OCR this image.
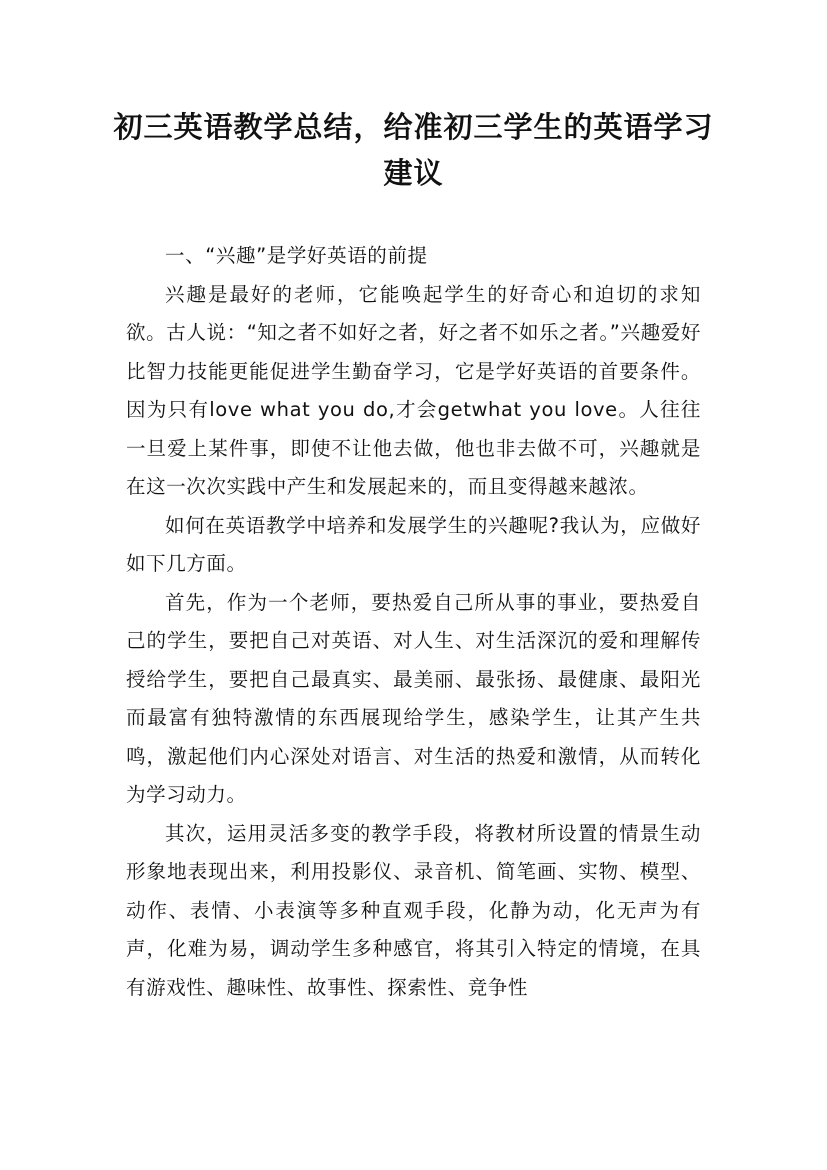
初三英语教学总结，给准初三学生的英语学习建议

一、“兴趣”是学好英语的前提

兴趣是最好的老师，它能唤起学生的好奇心和迫切的求知欲。古人说：“知之者不如好之者，好之者不如乐之者。”兴趣爱好比智力技能更能促进学生勤奋学习，它是学好英语的首要条件。因为只有love what you do,才会getwhat you love。人往往一旦爱上某件事，即使不让他去做，他也非去做不可，兴趣就是在这一次次实践中产生和发展起来的，而且变得越来越浓。

如何在英语教学中培养和发展学生的兴趣呢?我认为，应做好如下几方面。

首先，作为一个老师，要热爱自己所从事的事业，要热爱自己的学生，要把自己对英语、对人生、对生活深沉的爱和理解传授给学生，要把自己最真实、最美丽、最张扬、最健康、最阳光而最富有独特激情的东西展现给学生，感染学生，让其产生共鸣，激起他们内心深处对语言、对生活的热爱和激情，从而转化为学习动力。

其次，运用灵活多变的教学手段，将教材所设置的情景生动形象地表现出来，利用投影仪、录音机、简笔画、实物、模型、动作、表情、小表演等多种直观手段，化静为动，化无声为有声，化难为易，调动学生多种感官，将其引入特定的情境，在具有游戏性、趣味性、故事性、探索性、竞争性
